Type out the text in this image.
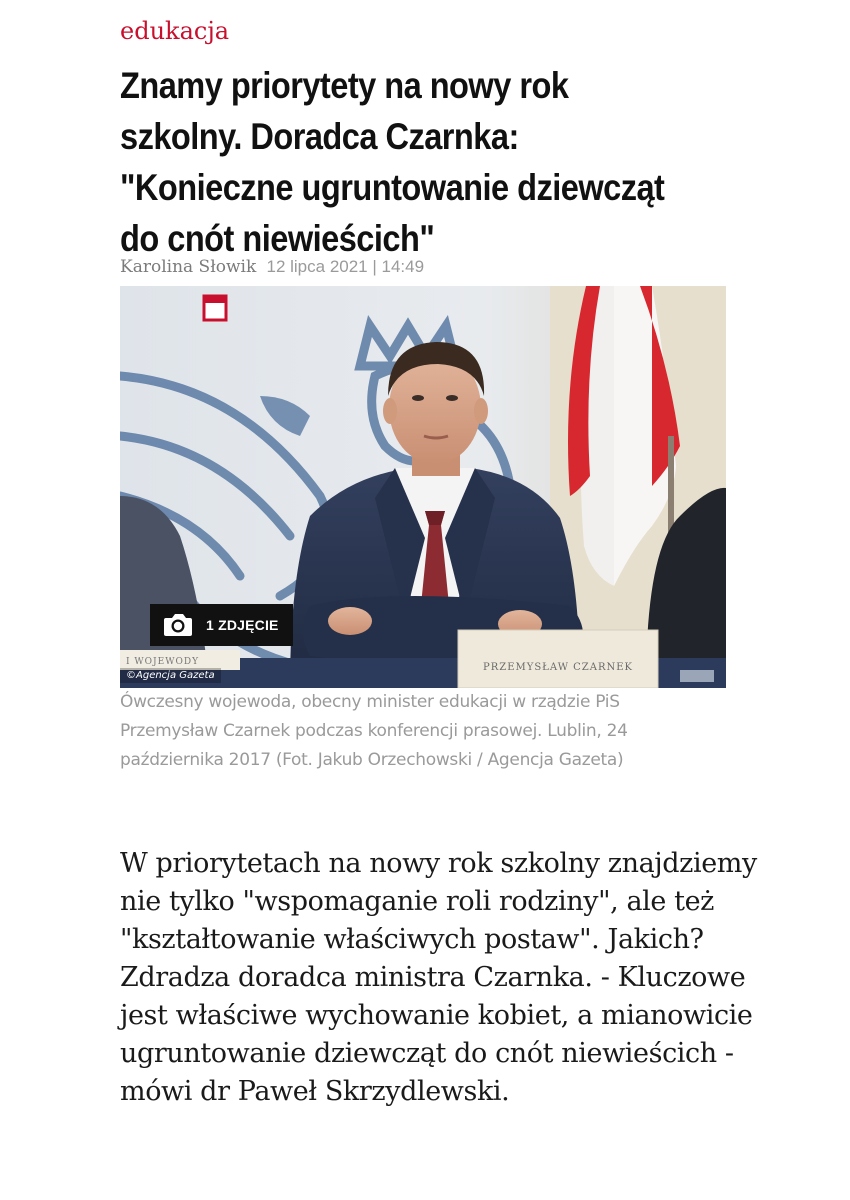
edukacja
Znamy priorytety na nowy rok szkolny. Doradca Czarnka: "Konieczne ugruntowanie dziewcząt do cnót niewieścich"
Karolina Słowik 12 lipca 2021 | 14:49
PRZEMYSŁAW CZARNEK
I WOJEWODY
1 ZDJĘCIE
©Agencja Gazeta

Ówczesny wojewoda, obecny minister edukacji w rządzie PiS Przemysław Czarnek podczas konferencji prasowej. Lublin, 24 października 2017 (Fot. Jakub Orzechowski / Agencja Gazeta)

W priorytetach na nowy rok szkolny znajdziemy nie tylko "wspomaganie roli rodziny", ale też "kształtowanie właściwych postaw". Jakich? Zdradza doradca ministra Czarnka. - Kluczowe jest właściwe wychowanie kobiet, a mianowicie ugruntowanie dziewcząt do cnót niewieścich - mówi dr Paweł Skrzydlewski.
